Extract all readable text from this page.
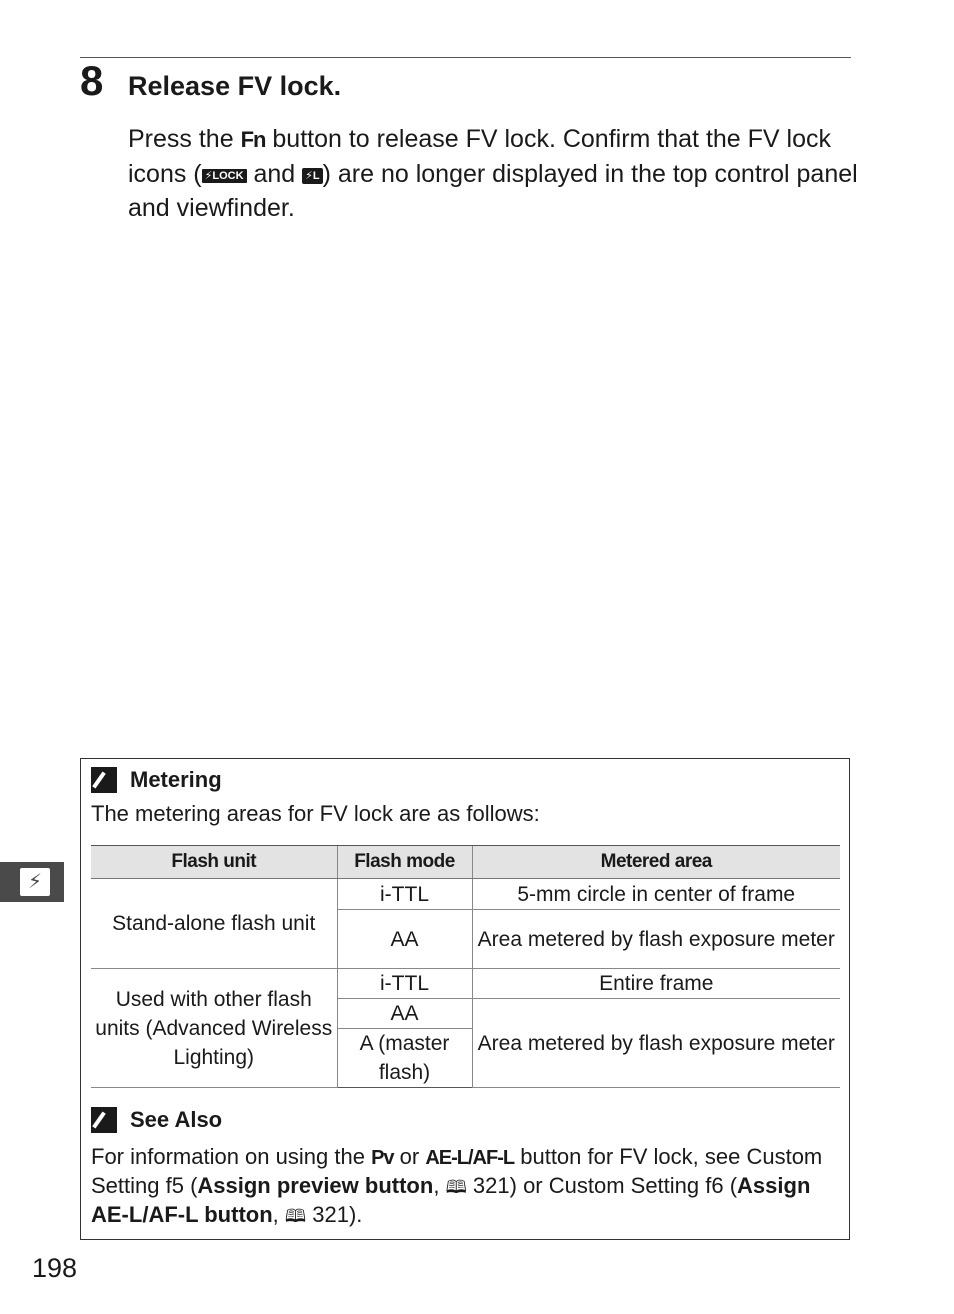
8 Release FV lock.
Press the Fn button to release FV lock. Confirm that the FV lock icons ( ⚡LOCK and ⚡L ) are no longer displayed in the top control panel and viewfinder.
⚡
Metering
The metering areas for FV lock are as follows:
Flash unit	Flash mode	Metered area
Stand-alone flash unit	i-TTL	5-mm circle in center of frame
	AA	Area metered by flash exposure meter
Used with other flash units (Advanced Wireless Lighting)	i-TTL	Entire frame
	AA	Area metered by flash exposure meter
	A (master flash)	
See Also
For information on using the Pv or AE-L/AF-L button for FV lock, see Custom Setting f5 (Assign preview button, 🕮 321) or Custom Setting f6 (Assign AE-L/AF-L button, 🕮 321).
198
